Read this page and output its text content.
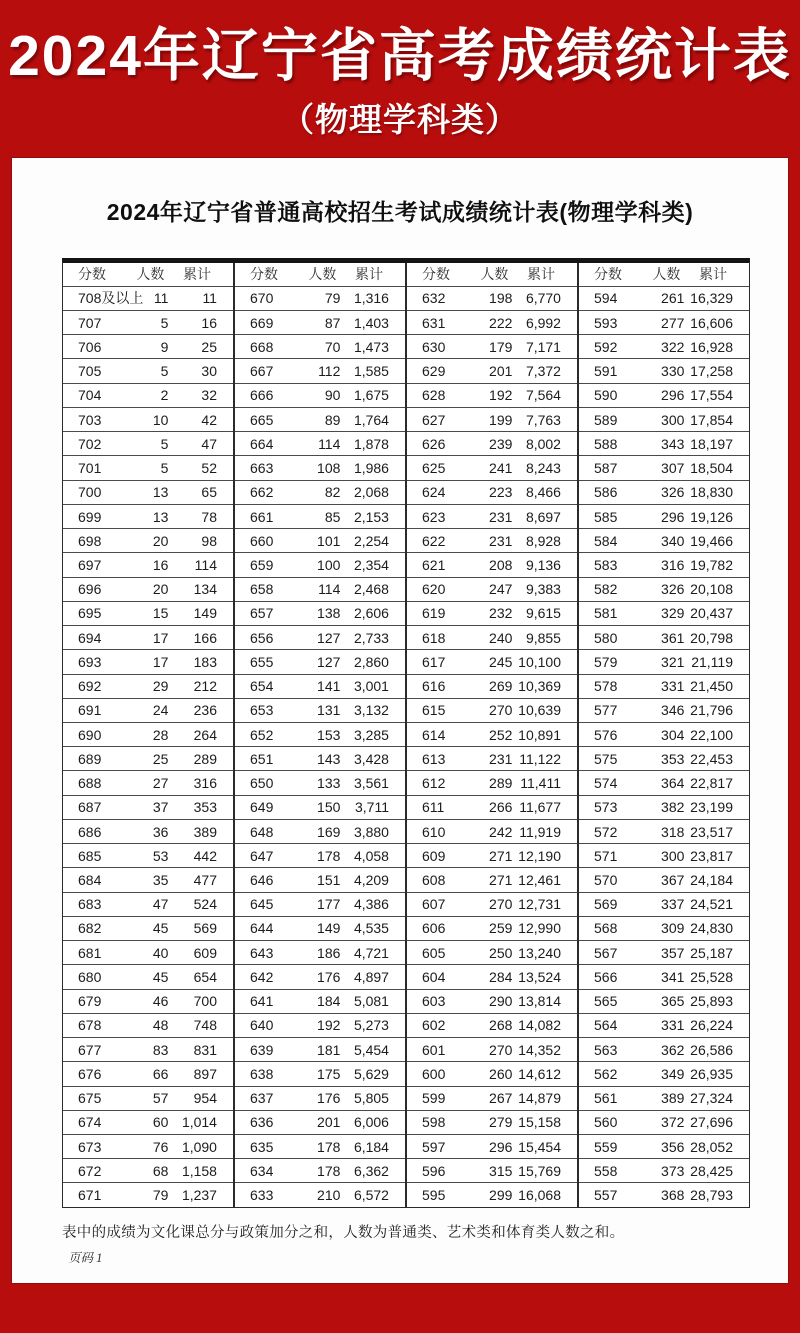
2024年辽宁省高考成绩统计表
（物理学科类）
2024年辽宁省普通高校招生考试成绩统计表(物理学科类)
分数	人数	累计
708及以上 11	11
707	5	16
706	9	25
705	5	30
704	2	32
703	10	42
702	5	47
701	5	52
700	13	65
699	13	78
698	20	98
697	16	114
696	20	134
695	15	149
694	17	166
693	17	183
692	29	212
691	24	236
690	28	264
689	25	289
688	27	316
687	37	353
686	36	389
685	53	442
684	35	477
683	47	524
682	45	569
681	40	609
680	45	654
679	46	700
678	48	748
677	83	831
676	66	897
675	57	954
674	60 1,014
673	76 1,090
672	68 1,158
671	79 1,237
分数	人数	累计
670	79 1,316
669	87 1,403
668	70 1,473
667	112 1,585
666	90 1,675
665	89 1,764
664	114 1,878
663	108 1,986
662	82 2,068
661	85 2,153
660	101 2,254
659	100 2,354
658	114 2,468
657	138 2,606
656	127 2,733
655	127 2,860
654	141 3,001
653	131 3,132
652	153 3,285
651	143 3,428
650	133 3,561
649	150	3,711
648	169 3,880
647	178 4,058
646	151 4,209
645	177 4,386
644	149 4,535
643	186 4,721
642	176 4,897
641	184 5,081
640	192 5,273
639	181 5,454
638	175 5,629
637	176 5,805
636	201 6,006
635	178 6,184
634	178 6,362
633	210 6,572
分数	人数	累计
632	198 6,770
631	222 6,992
630	179 7,171
629	201 7,372
628	192 7,564
627	199 7,763
626	239 8,002
625	241 8,243
624	223 8,466
623	231 8,697
622	231 8,928
621	208 9,136
620	247 9,383
619	232 9,615
618	240 9,855
617	245 10,100
616	269 10,369
615	270 10,639
614	252 10,891
613	231 11,122
612	289 11,411
611	266 11,677
610	242 11,919
609	271 12,190
608	271 12,461
607	270 12,731
606	259 12,990
605	250 13,240
604	284 13,524
603	290 13,814
602	268 14,082
601	270 14,352
600	260 14,612
599	267 14,879
598	279 15,158
597	296 15,454
596	315 15,769
595	299 16,068
分数	人数	累计
594	261 16,329
593	277 16,606
592	322 16,928
591	330 17,258
590	296 17,554
589	300 17,854
588	343 18,197
587	307 18,504
586	326 18,830
585	296 19,126
584	340 19,466
583	316 19,782
582	326 20,108
581	329 20,437
580	361 20,798
579	321 21,119
578	331 21,450
577	346 21,796
576	304 22,100
575	353 22,453
574	364 22,817
573	382 23,199
572	318 23,517
571	300 23,817
570	367 24,184
569	337 24,521
568	309 24,830
567	357 25,187
566	341 25,528
565	365 25,893
564	331 26,224
563	362 26,586
562	349 26,935
561	389 27,324
560	372 27,696
559	356 28,052
558	373 28,425
557	368 28,793
表中的成绩为文化课总分与政策加分之和，人数为普通类、艺术类和体育类人数之和。
页码 1
